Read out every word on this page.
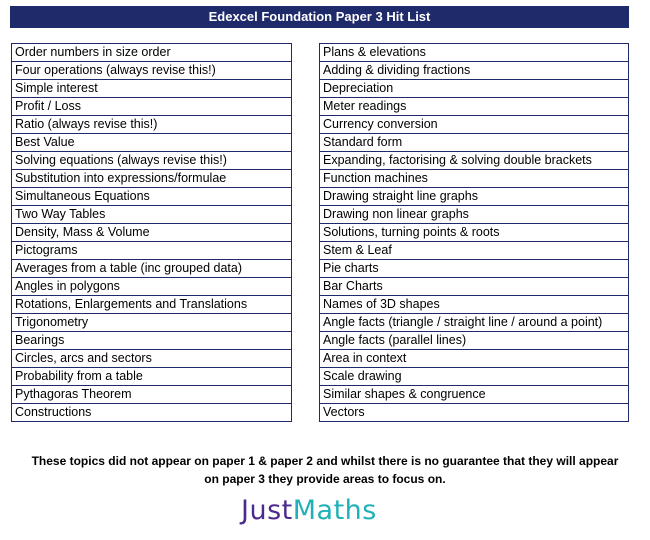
Edexcel Foundation Paper 3 Hit List
Order numbers in size order
Four operations (always revise this!)
Simple interest
Profit / Loss
Ratio (always revise this!)
Best Value
Solving equations (always revise this!)
Substitution into expressions/formulae
Simultaneous Equations
Two Way Tables
Density, Mass & Volume
Pictograms
Averages from a table (inc grouped data)
Angles in polygons
Rotations, Enlargements and Translations
Trigonometry
Bearings
Circles, arcs and sectors
Probability from a table
Pythagoras Theorem
Constructions
Plans & elevations
Adding & dividing fractions
Depreciation
Meter readings
Currency conversion
Standard form
Expanding, factorising & solving double brackets
Function machines
Drawing straight line graphs
Drawing non linear graphs
Solutions, turning points & roots
Stem & Leaf
Pie charts
Bar Charts
Names of 3D shapes
Angle facts (triangle / straight line / around a point)
Angle facts (parallel lines)
Area in context
Scale drawing
Similar shapes & congruence
Vectors
These topics did not appear on paper 1 & paper 2 and whilst there is no guarantee that they will appear
on paper 3 they provide areas to focus on.
JustMaths
